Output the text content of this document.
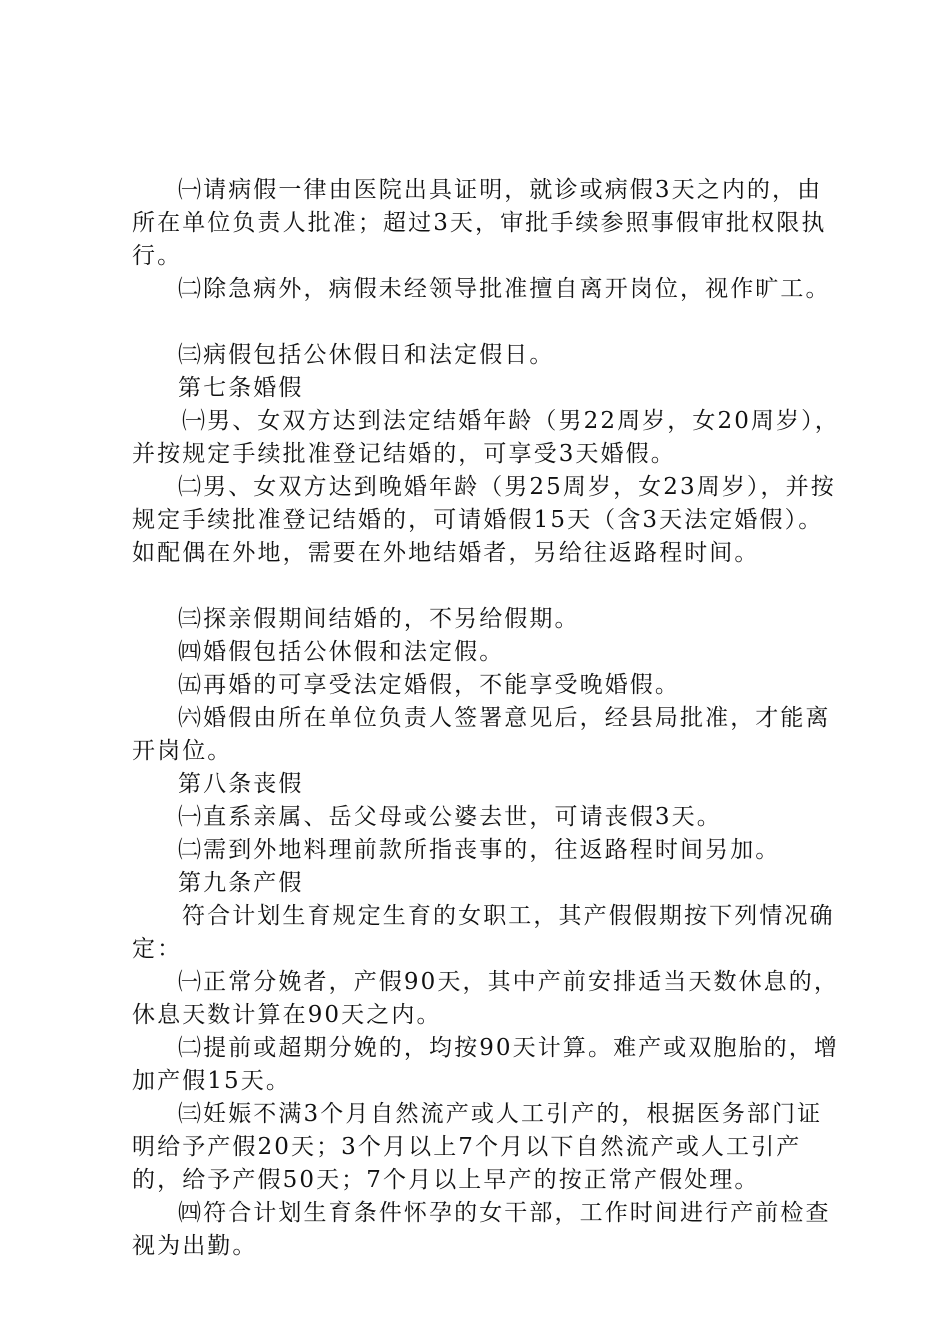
㈠请病假一律由医院出具证明，就诊或病假3天之内的，由所在单位负责人批准；超过3天，审批手续参照事假审批权限执行。

㈡除急病外，病假未经领导批准擅自离开岗位，视作旷工。

㈢病假包括公休假日和法定假日。

第七条婚假

㈠男、女双方达到法定结婚年龄（男22周岁，女20周岁），并按规定手续批准登记结婚的，可享受3天婚假。

㈡男、女双方达到晚婚年龄（男25周岁，女23周岁），并按规定手续批准登记结婚的，可请婚假15天（含3天法定婚假）。如配偶在外地，需要在外地结婚者，另给往返路程时间。

㈢探亲假期间结婚的，不另给假期。

㈣婚假包括公休假和法定假。

㈤再婚的可享受法定婚假，不能享受晚婚假。

㈥婚假由所在单位负责人签署意见后，经县局批准，才能离开岗位。

第八条丧假

㈠直系亲属、岳父母或公婆去世，可请丧假3天。

㈡需到外地料理前款所指丧事的，往返路程时间另加。

第九条产假

符合计划生育规定生育的女职工，其产假假期按下列情况确定：

㈠正常分娩者，产假90天，其中产前安排适当天数休息的，休息天数计算在90天之内。

㈡提前或超期分娩的，均按90天计算。难产或双胞胎的，增加产假15天。

㈢妊娠不满3个月自然流产或人工引产的，根据医务部门证明给予产假20天；3个月以上7个月以下自然流产或人工引产的，给予产假50天；7个月以上早产的按正常产假处理。

㈣符合计划生育条件怀孕的女干部，工作时间进行产前检查视为出勤。
